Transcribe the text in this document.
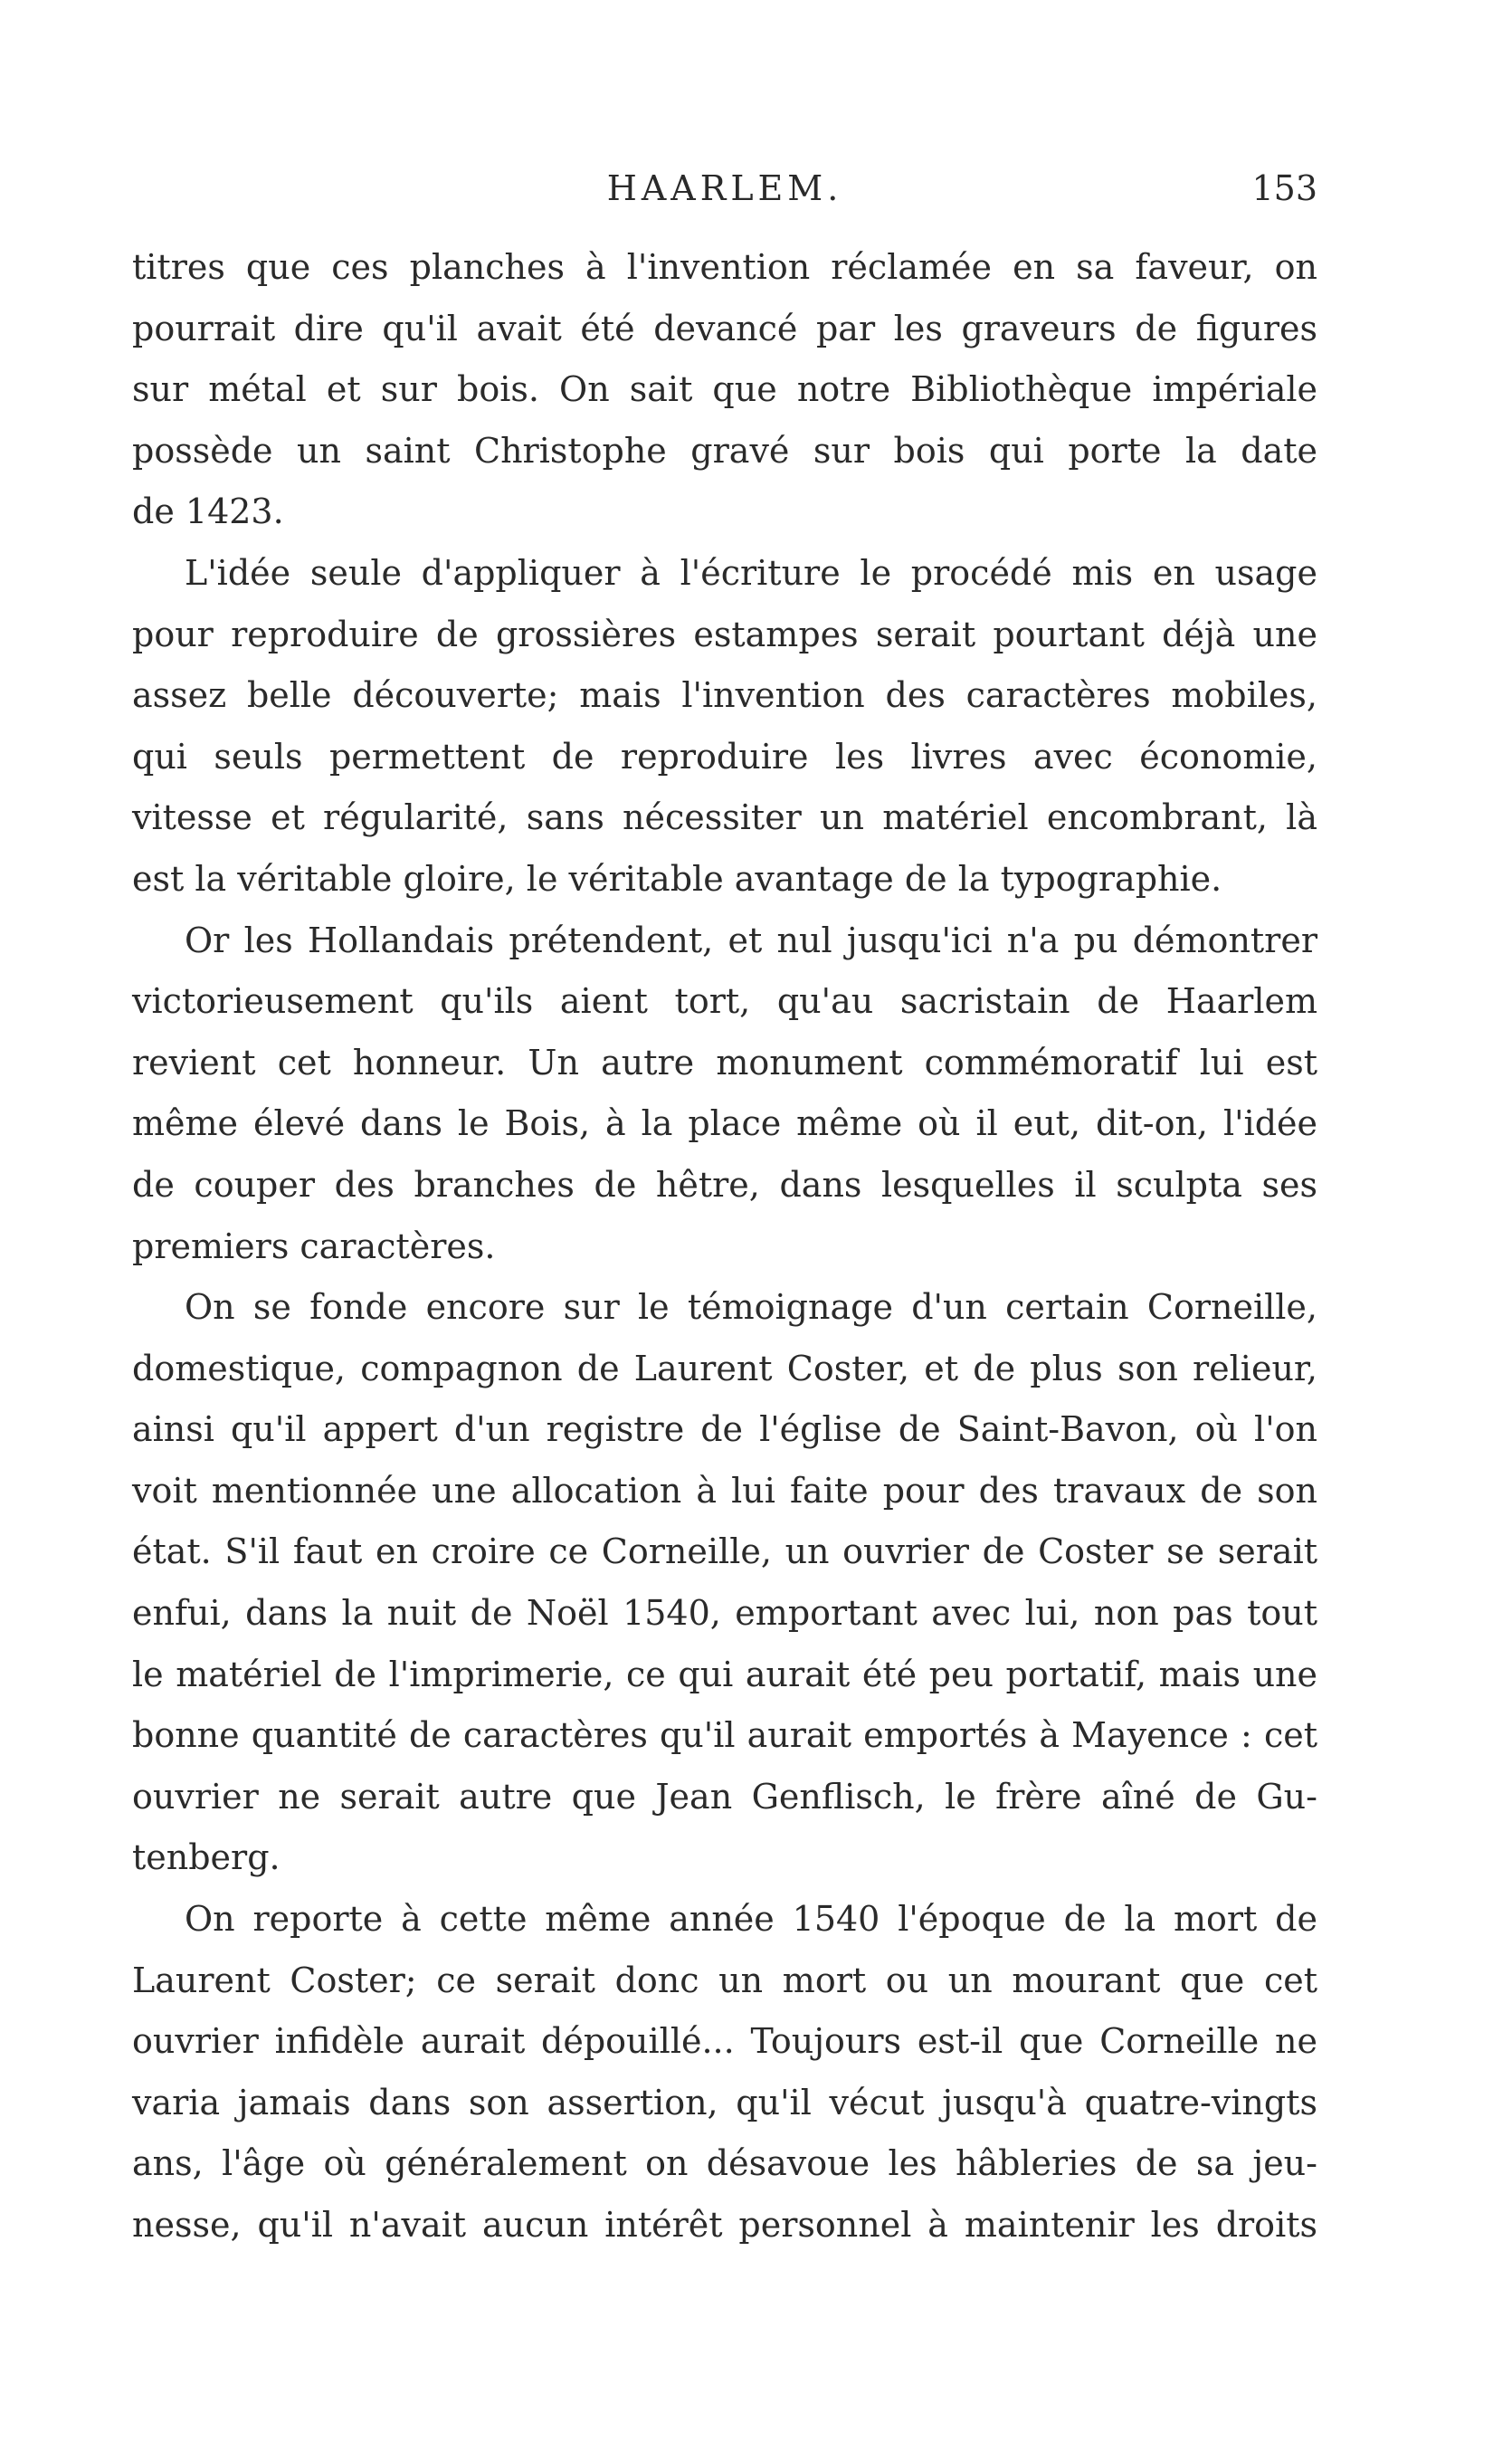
HAARLEM.	153
titres que ces planches à l'invention réclamée en sa faveur, on
pourrait dire qu'il avait été devancé par les graveurs de figures
sur métal et sur bois. On sait que notre Bibliothèque impériale
possède un saint Christophe gravé sur bois qui porte la date
de 1423.
L'idée seule d'appliquer à l'écriture le procédé mis en usage
pour reproduire de grossières estampes serait pourtant déjà une
assez belle découverte; mais l'invention des caractères mobiles,
qui seuls permettent de reproduire les livres avec économie,
vitesse et régularité, sans nécessiter un matériel encombrant, là
est la véritable gloire, le véritable avantage de la typographie.
Or les Hollandais prétendent, et nul jusqu'ici n'a pu démontrer
victorieusement qu'ils aient tort, qu'au sacristain de Haarlem
revient cet honneur. Un autre monument commémoratif lui est
même élevé dans le Bois, à la place même où il eut, dit-on, l'idée
de couper des branches de hêtre, dans lesquelles il sculpta ses
premiers caractères.
On se fonde encore sur le témoignage d'un certain Corneille,
domestique, compagnon de Laurent Coster, et de plus son relieur,
ainsi qu'il appert d'un registre de l'église de Saint-Bavon, où l'on
voit mentionnée une allocation à lui faite pour des travaux de son
état. S'il faut en croire ce Corneille, un ouvrier de Coster se serait
enfui, dans la nuit de Noël 1540, emportant avec lui, non pas tout
le matériel de l'imprimerie, ce qui aurait été peu portatif, mais une
bonne quantité de caractères qu'il aurait emportés à Mayence : cet
ouvrier ne serait autre que Jean Genflisch, le frère aîné de Gu-
tenberg.
On reporte à cette même année 1540 l'époque de la mort de
Laurent Coster; ce serait donc un mort ou un mourant que cet
ouvrier infidèle aurait dépouillé... Toujours est-il que Corneille ne
varia jamais dans son assertion, qu'il vécut jusqu'à quatre-vingts
ans, l'âge où généralement on désavoue les hâbleries de sa jeu-
nesse, qu'il n'avait aucun intérêt personnel à maintenir les droits
